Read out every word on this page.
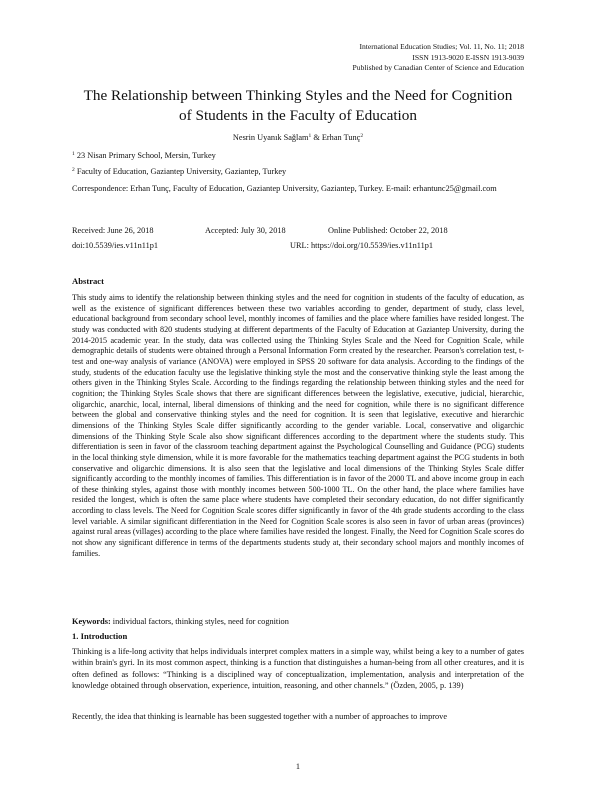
International Education Studies; Vol. 11, No. 11; 2018
ISSN 1913-9020 E-ISSN 1913-9039
Published by Canadian Center of Science and Education
The Relationship between Thinking Styles and the Need for Cognition
of Students in the Faculty of Education
Nesrin Uyanık Sağlam$^1$ & Erhan Tunç$^2$
$^1$ 23 Nisan Primary School, Mersin, Turkey
$^2$ Faculty of Education, Gaziantep University, Gaziantep, Turkey
Correspondence: Erhan Tunç, Faculty of Education, Gaziantep University, Gaziantep, Turkey. E-mail: erhantunc25@gmail.com
Received: June 26, 2018	Accepted: July 30, 2018	Online Published: October 22, 2018
doi:10.5539/ies.v11n11p1	URL: https://doi.org/10.5539/ies.v11n11p1
Abstract
This study aims to identify the relationship between thinking styles and the need for cognition in students of the faculty of education, as well as the existence of significant differences between these two variables according to gender, department of study, class level, educational background from secondary school level, monthly incomes of families and the place where families have resided longest. The study was conducted with 820 students studying at different departments of the Faculty of Education at Gaziantep University, during the 2014-2015 academic year. In the study, data was collected using the Thinking Styles Scale and the Need for Cognition Scale, while demographic details of students were obtained through a Personal Information Form created by the researcher. Pearson's correlation test, t-test and one-way analysis of variance (ANOVA) were employed in SPSS 20 software for data analysis. According to the findings of the study, students of the education faculty use the legislative thinking style the most and the conservative thinking style the least among the others given in the Thinking Styles Scale. According to the findings regarding the relationship between thinking styles and the need for cognition; the Thinking Styles Scale shows that there are significant differences between the legislative, executive, judicial, hierarchic, oligarchic, anarchic, local, internal, liberal dimensions of thinking and the need for cognition, while there is no significant difference between the global and conservative thinking styles and the need for cognition. It is seen that legislative, executive and hierarchic dimensions of the Thinking Styles Scale differ significantly according to the gender variable. Local, conservative and oligarchic dimensions of the Thinking Style Scale also show significant differences according to the department where the students study. This differentiation is seen in favor of the classroom teaching department against the Psychological Counselling and Guidance (PCG) students in the local thinking style dimension, while it is more favorable for the mathematics teaching department against the PCG students in both conservative and oligarchic dimensions. It is also seen that the legislative and local dimensions of the Thinking Styles Scale differ significantly according to the monthly incomes of families. This differentiation is in favor of the 2000 TL and above income group in each of these thinking styles, against those with monthly incomes between 500-1000 TL. On the other hand, the place where families have resided the longest, which is often the same place where students have completed their secondary education, do not differ significantly according to class levels. The Need for Cognition Scale scores differ significantly in favor of the 4th grade students according to the class level variable. A similar significant differentiation in the Need for Cognition Scale scores is also seen in favor of urban areas (provinces) against rural areas (villages) according to the place where families have resided the longest. Finally, the Need for Cognition Scale scores do not show any significant difference in terms of the departments students study at, their secondary school majors and monthly incomes of families.
Keywords: individual factors, thinking styles, need for cognition
1. Introduction
Thinking is a life-long activity that helps individuals interpret complex matters in a simple way, whilst being a key to a number of gates within brain's gyri. In its most common aspect, thinking is a function that distinguishes a human-being from all other creatures, and it is often defined as follows: “Thinking is a disciplined way of conceptualization, implementation, analysis and interpretation of the knowledge obtained through observation, experience, intuition, reasoning, and other channels.” (Özden, 2005, p. 139)
Recently, the idea that thinking is learnable has been suggested together with a number of approaches to improve
1
